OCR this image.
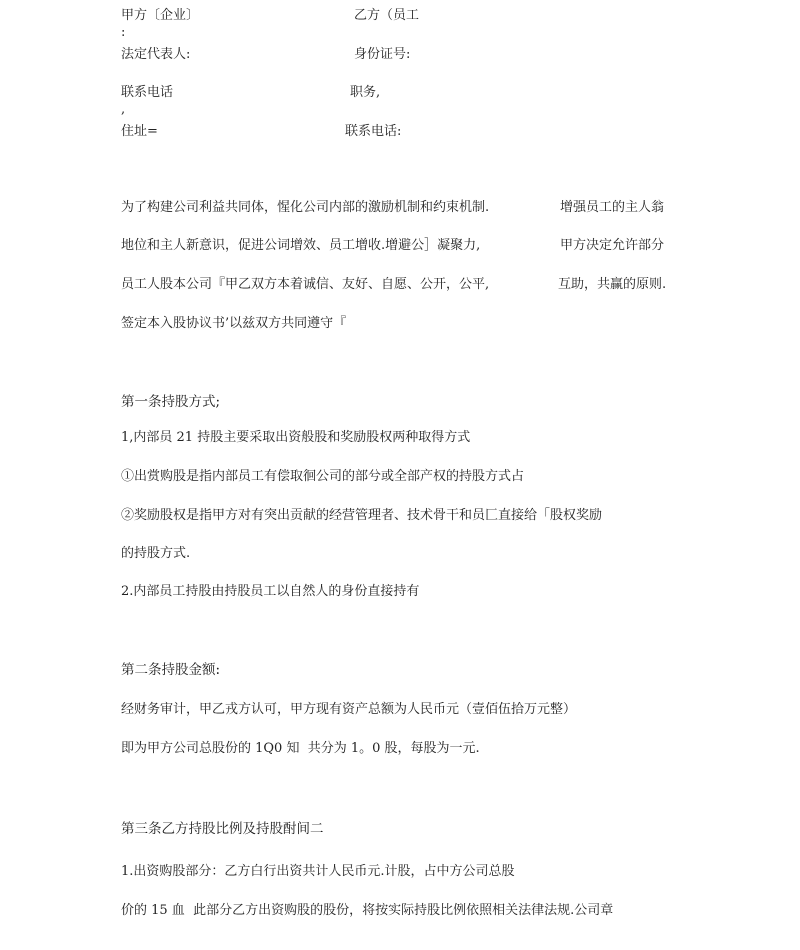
甲方〔企业〕	乙方（员工
:
法定代表人:	身份证号:
联系电话	职务,
,
住址=	联系电话:
为了构建公司利益共同体，惺化公司内部的激励机制和约束机制.	增强员工的主人翁
地位和主人新意识，促进公词增效、员工增收.增避公］凝聚力,	甲方决定允许部分
员工人股本公司『甲乙双方本着诚信、友好、自愿、公开，公平,	互助，共赢的原则.
签定本入股协议书’以兹双方共同遵守『
第一条持股方式;
1,内部员 21 持股主要采取出资般股和奖励股权两种取得方式
①出赏购股是指内部员工有偿取徊公司的部兮或全部产权的持股方式占
②奖励股权是指甲方对有突出贡献的经营管理者、技术骨干和员匚直接给「股权奖励
的持股方式.
2.内部员工持股由持股员工以自然人的身份直接持有
第二条持股金额:
经财务审计，甲乙戎方认可，甲方现有资产总额为人民币元（壹佰伍拾万元整）
即为甲方公司总股份的 1Q0 知  共分为 1。0 股，每股为一元.
第三条乙方持股比例及持股酎间二
1.出资购股部分：乙方白行出资共计人民币元.计股，占中方公司总股
价的 15 血  此部分乙方出资购股的股份，将按实际持股比例依照相关法律法规.公司章
